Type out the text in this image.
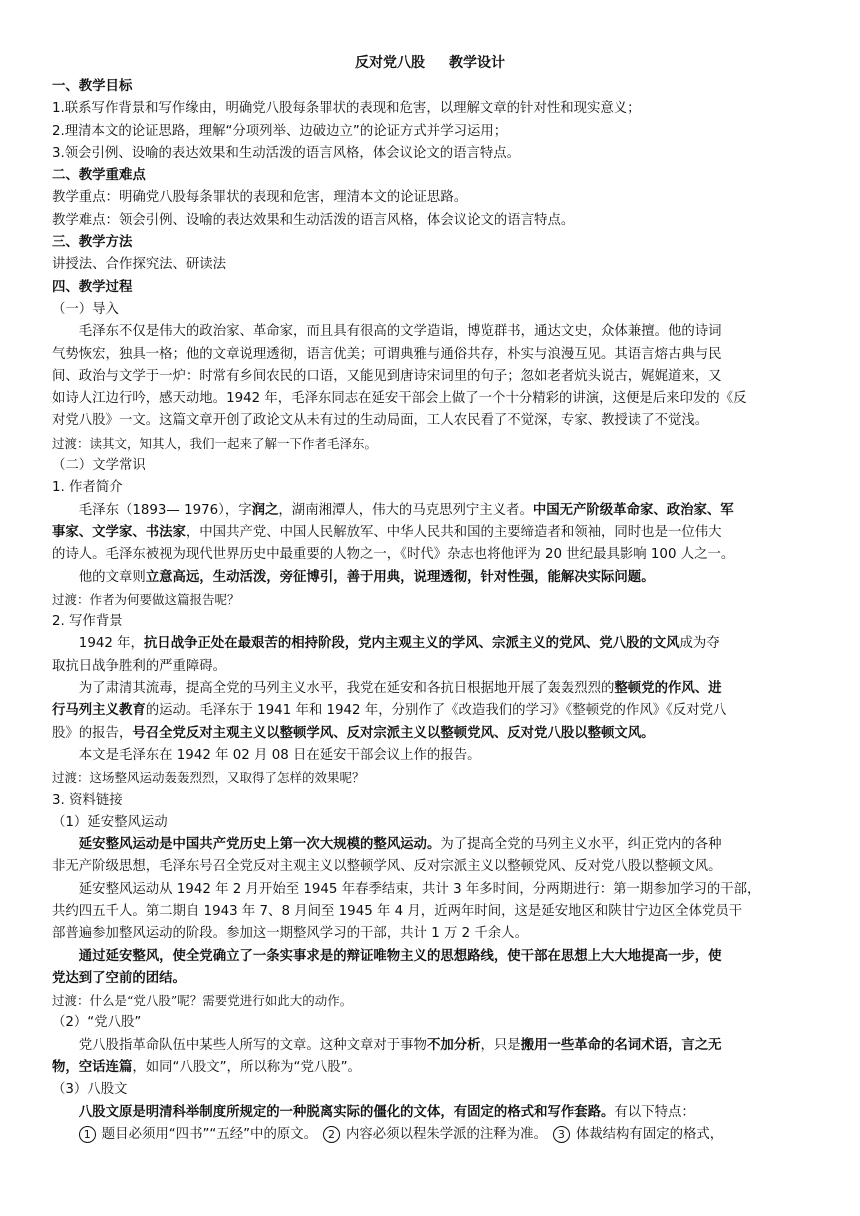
反对党八股 教学设计
一、教学目标
1.联系写作背景和写作缘由，明确党八股每条罪状的表现和危害，以理解文章的针对性和现实意义；
2.理清本文的论证思路，理解“分项列举、边破边立”的论证方式并学习运用；
3.领会引例、设喻的表达效果和生动活泼的语言风格，体会议论文的语言特点。
二、教学重难点
教学重点：明确党八股每条罪状的表现和危害，理清本文的论证思路。
教学难点：领会引例、设喻的表达效果和生动活泼的语言风格，体会议论文的语言特点。
三、教学方法
讲授法、合作探究法、研读法
四、教学过程
（一）导入
毛泽东不仅是伟大的政治家、革命家，而且具有很高的文学造诣，博览群书，通达文史，众体兼擅。他的诗词
气势恢宏，独具一格；他的文章说理透彻，语言优美；可谓典雅与通俗共存，朴实与浪漫互见。其语言熔古典与民
间、政治与文学于一炉：时常有乡间农民的口语，又能见到唐诗宋词里的句子；忽如老者炕头说古，娓娓道来，又
如诗人江边行吟，感天动地。1942 年，毛泽东同志在延安干部会上做了一个十分精彩的讲演，这便是后来印发的《反
对党八股》一文。这篇文章开创了政论文从未有过的生动局面，工人农民看了不觉深，专家、教授读了不觉浅。
过渡：读其文，知其人，我们一起来了解一下作者毛泽东。
（二）文学常识
1. 作者简介
毛泽东（1893— 1976），字润之，湖南湘潭人，伟大的马克思列宁主义者。中国无产阶级革命家、政治家、军
事家、文学家、书法家，中国共产党、中国人民解放军、中华人民共和国的主要缔造者和领袖，同时也是一位伟大
的诗人。毛泽东被视为现代世界历史中最重要的人物之一，《时代》杂志也将他评为 20 世纪最具影响 100 人之一。
他的文章则立意高远，生动活泼，旁征博引，善于用典，说理透彻，针对性强，能解决实际问题。
过渡：作者为何要做这篇报告呢？
2. 写作背景
1942 年，抗日战争正处在最艰苦的相持阶段，党内主观主义的学风、宗派主义的党风、党八股的文风成为夺
取抗日战争胜利的严重障碍。
为了肃清其流毒，提高全党的马列主义水平，我党在延安和各抗日根据地开展了轰轰烈烈的整顿党的作风、进
行马列主义教育的运动。毛泽东于 1941 年和 1942 年，分别作了《改造我们的学习》《整顿党的作风》《反对党八
股》的报告，号召全党反对主观主义以整顿学风、反对宗派主义以整顿党风、反对党八股以整顿文风。
本文是毛泽东在 1942 年 02 月 08 日在延安干部会议上作的报告。
过渡：这场整风运动轰轰烈烈，又取得了怎样的效果呢？
3. 资料链接
（1）延安整风运动
延安整风运动是中国共产党历史上第一次大规模的整风运动。为了提高全党的马列主义水平，纠正党内的各种
非无产阶级思想，毛泽东号召全党反对主观主义以整顿学风、反对宗派主义以整顿党风、反对党八股以整顿文风。
延安整风运动从 1942 年 2 月开始至 1945 年春季结束，共计 3 年多时间，分两期进行：第一期参加学习的干部，
共约四五千人。第二期自 1943 年 7、8 月间至 1945 年 4 月，近两年时间，这是延安地区和陕甘宁边区全体党员干
部普遍参加整风运动的阶段。参加这一期整风学习的干部，共计 1 万 2 千余人。
通过延安整风，使全党确立了一条实事求是的辩证唯物主义的思想路线，使干部在思想上大大地提高一步，使
党达到了空前的团结。
过渡：什么是“党八股”呢？需要党进行如此大的动作。
（2）“党八股”
党八股指革命队伍中某些人所写的文章。这种文章对于事物不加分析，只是搬用一些革命的名词术语，言之无
物，空话连篇，如同“八股文”，所以称为“党八股”。
（3）八股文
八股文原是明清科举制度所规定的一种脱离实际的僵化的文体，有固定的格式和写作套路。有以下特点：
1 题目必须用“四书”“五经”中的原文。 2 内容必须以程朱学派的注释为准。 3 体裁结构有固定的格式，
